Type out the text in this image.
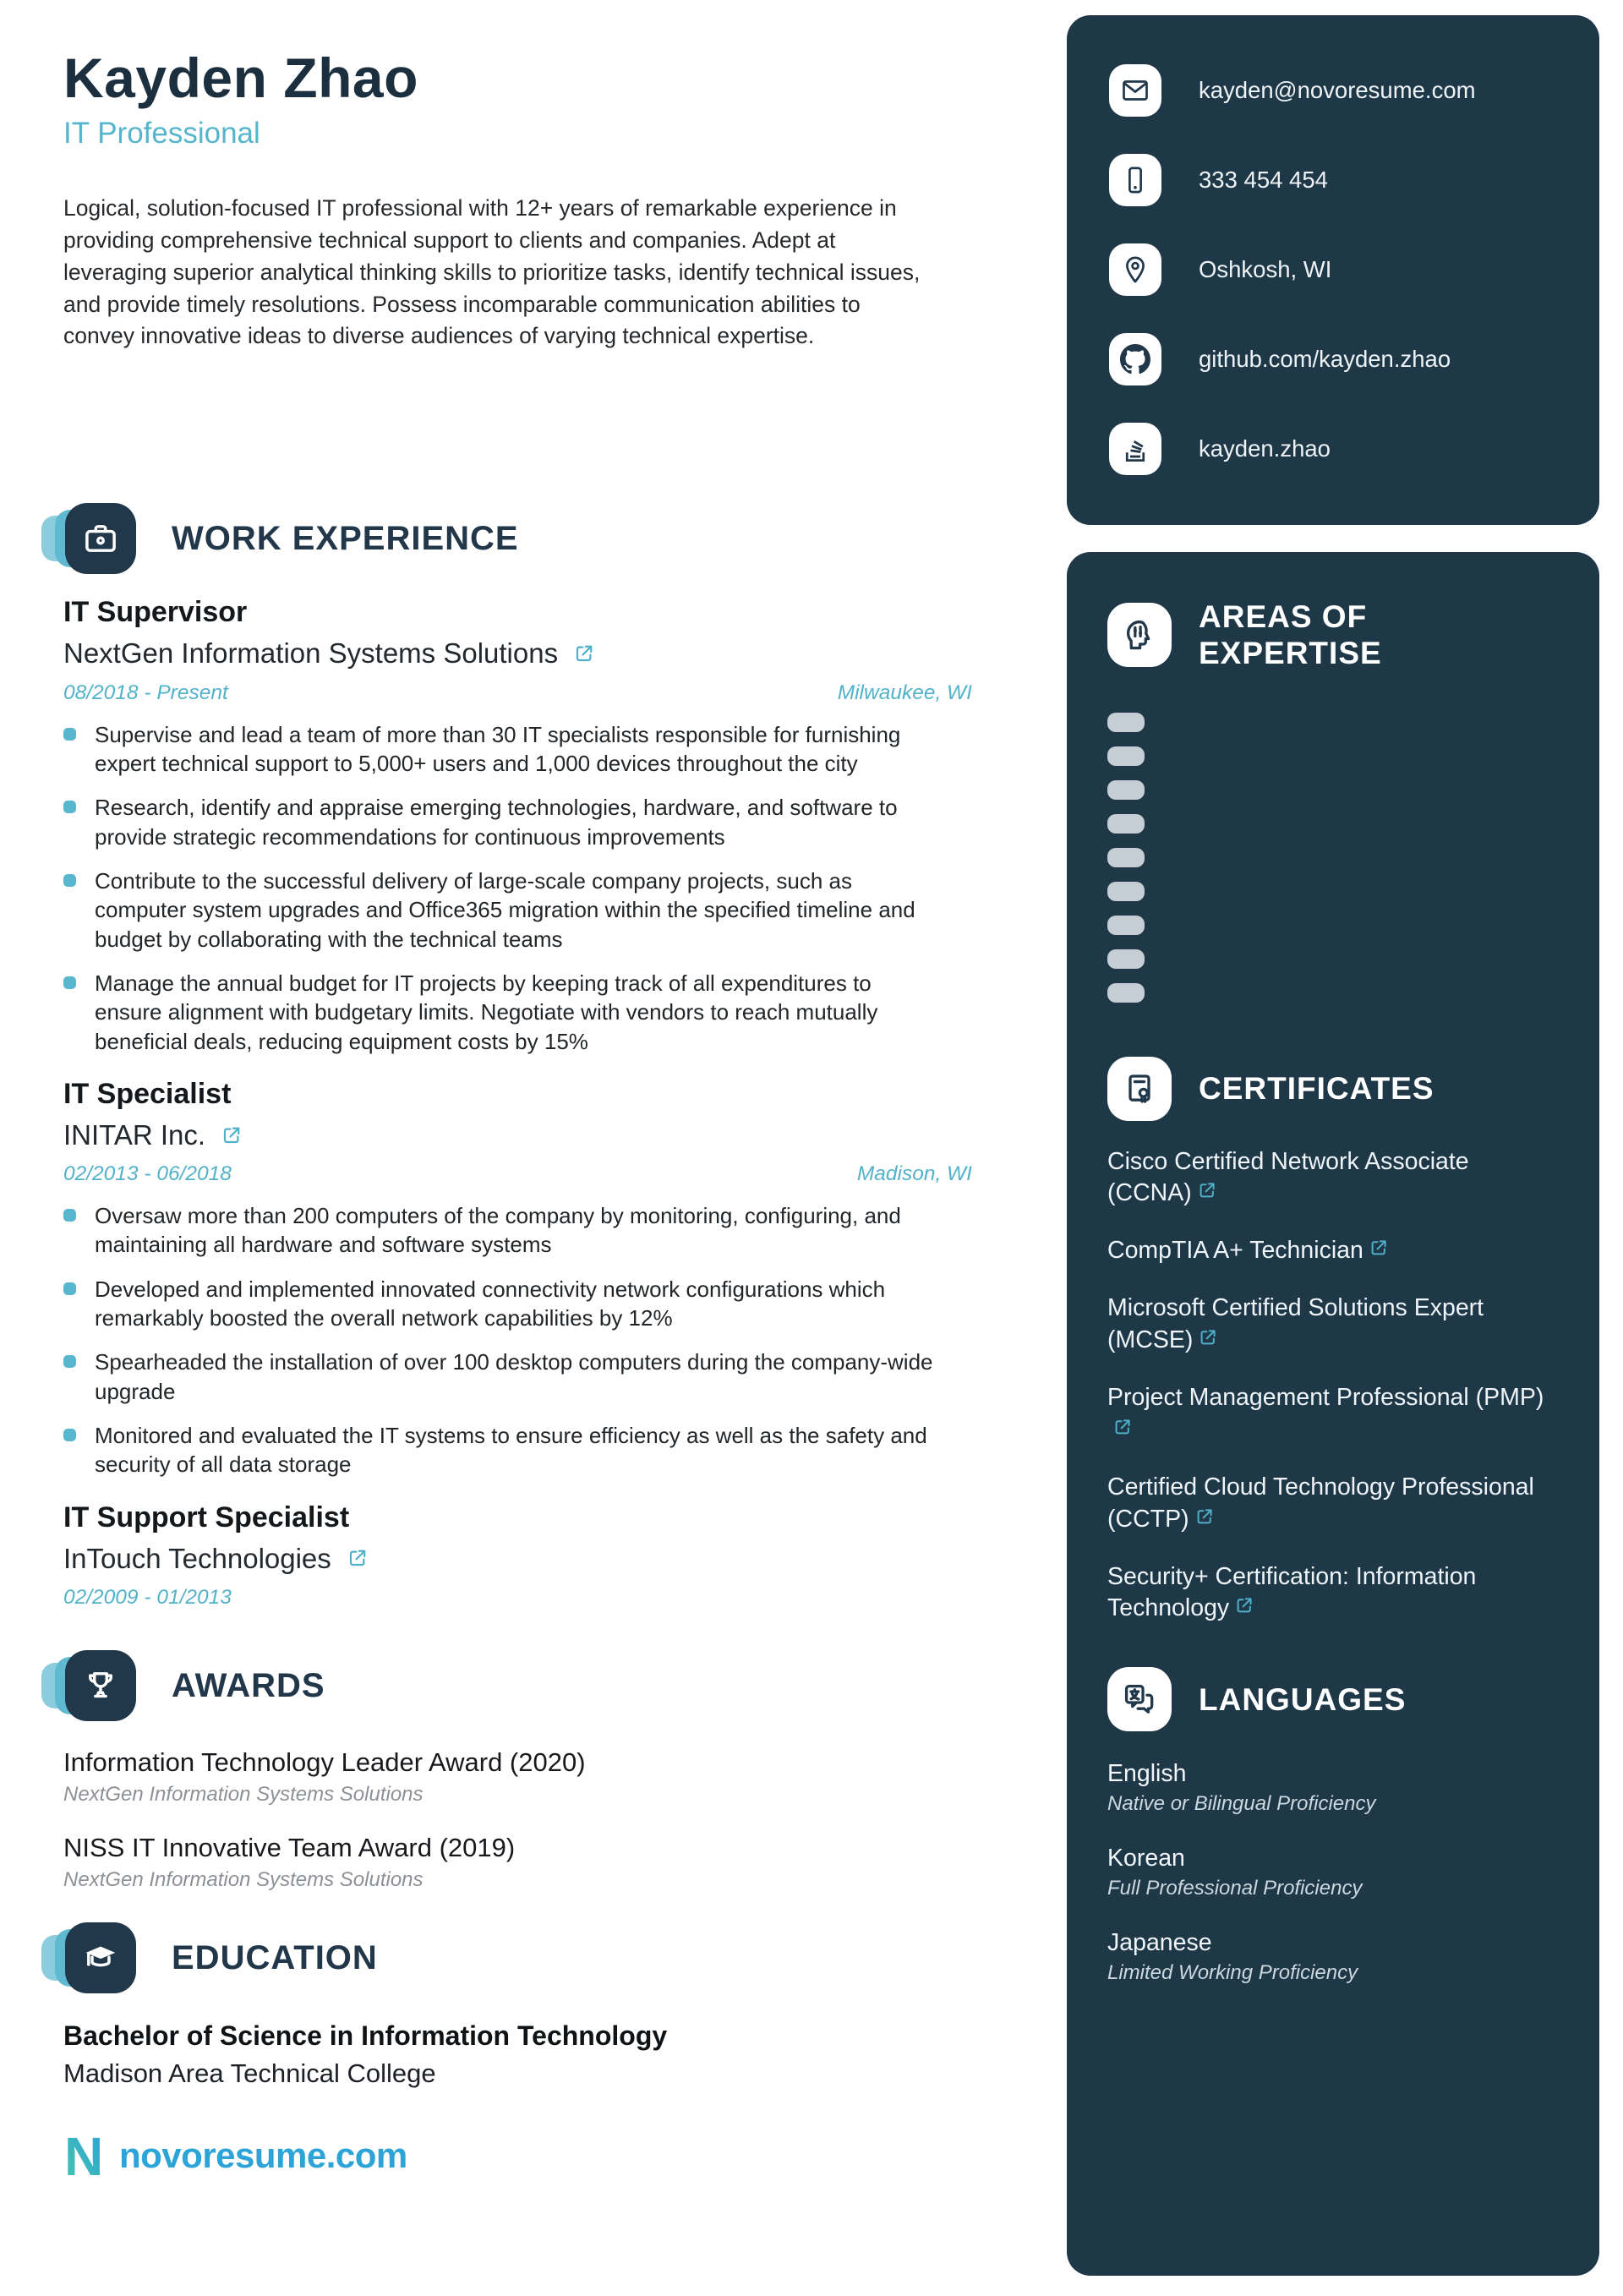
Kayden Zhao
IT Professional

Logical, solution-focused IT professional with 12+ years of remarkable experience in providing comprehensive technical support to clients and companies. Adept at leveraging superior analytical thinking skills to prioritize tasks, identify technical issues, and provide timely resolutions. Possess incomparable communication abilities to convey innovative ideas to diverse audiences of varying technical expertise.

WORK EXPERIENCE
IT Supervisor
NextGen Information Systems Solutions
08/2018 - Present	Milwaukee, WI
Supervise and lead a team of more than 30 IT specialists responsible for furnishing expert technical support to 5,000+ users and 1,000 devices throughout the city
Research, identify and appraise emerging technologies, hardware, and software to provide strategic recommendations for continuous improvements
Contribute to the successful delivery of large-scale company projects, such as computer system upgrades and Office365 migration within the specified timeline and budget by collaborating with the technical teams
Manage the annual budget for IT projects by keeping track of all expenditures to ensure alignment with budgetary limits. Negotiate with vendors to reach mutually beneficial deals, reducing equipment costs by 15%
IT Specialist
INITAR Inc.
02/2013 - 06/2018	Madison, WI
Oversaw more than 200 computers of the company by monitoring, configuring, and maintaining all hardware and software systems
Developed and implemented innovated connectivity network configurations which remarkably boosted the overall network capabilities by 12%
Spearheaded the installation of over 100 desktop computers during the company-wide upgrade
Monitored and evaluated the IT systems to ensure efficiency as well as the safety and security of all data storage
IT Support Specialist
InTouch Technologies
02/2009 - 01/2013
AWARDS
Information Technology Leader Award (2020)
NextGen Information Systems Solutions
NISS IT Innovative Team Award (2019)
NextGen Information Systems Solutions
EDUCATION
Bachelor of Science in Information Technology
Madison Area Technical College
N novoresume.com
kayden@novoresume.com
333 454 454
Oshkosh, WI
github.com/kayden.zhao
kayden.zhao
AREAS OF EXPERTISE
CERTIFICATES
Cisco Certified Network Associate (CCNA)
CompTIA A+ Technician
Microsoft Certified Solutions Expert (MCSE)
Project Management Professional (PMP)
Certified Cloud Technology Professional (CCTP)
Security+ Certification: Information Technology
LANGUAGES
English
Native or Bilingual Proficiency
Korean
Full Professional Proficiency
Japanese
Limited Working Proficiency
